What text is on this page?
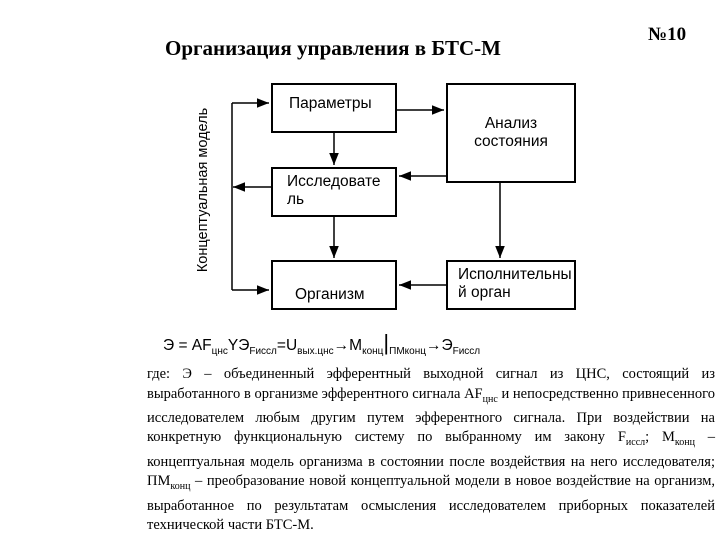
Организация управления в БТС-М
№10
Концептуальная модель
Параметры
Анализ
состояния
Исследовате
ль
Организм
Исполнительны
й орган
$Э = AF_{цнс}YЭ_{Fиссл}=U_{вых.цнс}\to M_{конц}|_{ПМконц}\to Э_{Fиссл}$
где: Э – объединенный эфферентный выходной сигнал из ЦНС, состоящий из выработанного в организме эфферентного сигнала $AF_{цнс}$ и непосредственно привнесенного исследователем любым другим путем эфферентного сигнала. При воздействии на конкретную функциональную систему по выбранному им закону $F_{иссл}$; $M_{конц}$ – концептуальная модель организма в состоянии после воздействия на него исследователя; $ПМ_{конц}$ – преобразование новой концептуальной модели в новое воздействие на организм, выработанное по результатам осмысления исследователем приборных показателей технической части БТС-М.
